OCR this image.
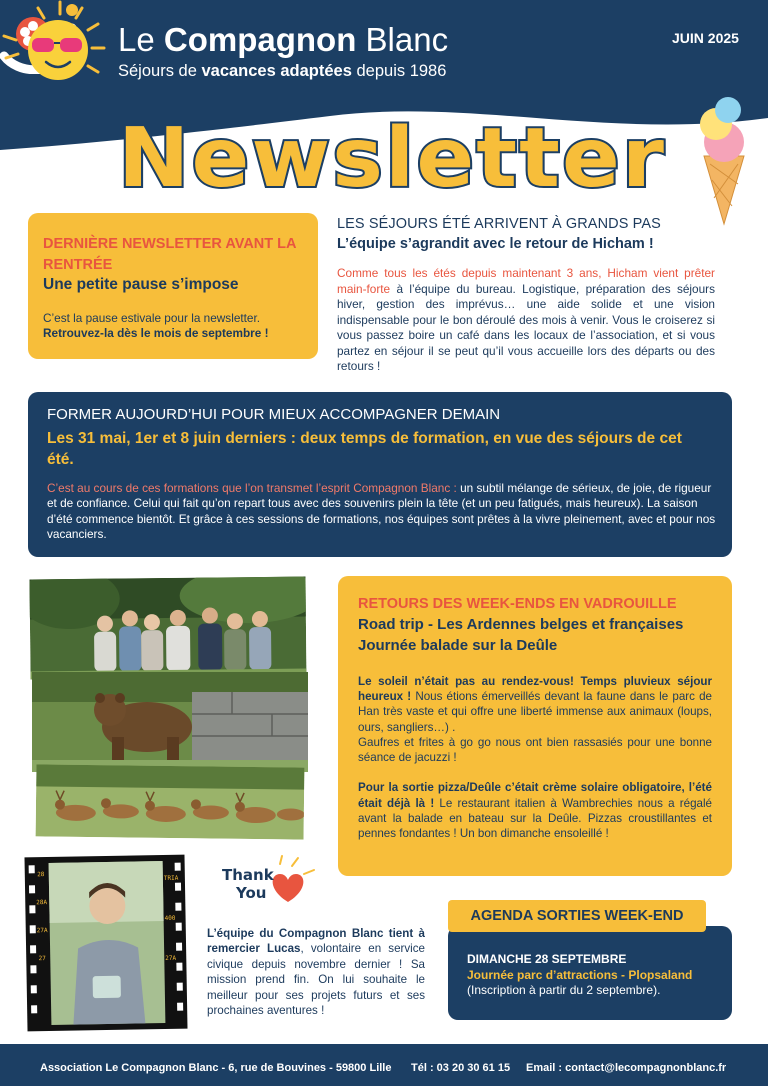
Le Compagnon Blanc
Séjours de vacances adaptées depuis 1986
JUIN 2025
Newsletter
DERNIÈRE NEWSLETTER AVANT LA RENTRÉE
Une petite pause s’impose
C’est la pause estivale pour la newsletter.
Retrouvez-la dès le mois de septembre !
LES SÉJOURS ÉTÉ ARRIVENT À GRANDS PAS
L’équipe s’agrandit avec le retour de Hicham !
Comme tous les étés depuis maintenant 3 ans, Hicham vient prêter main-forte à l’équipe du bureau. Logistique, préparation des séjours hiver, gestion des imprévus… une aide solide et une vision indispensable pour le bon déroulé des mois à venir. Vous le croiserez si vous passez boire un café dans les locaux de l’association, et si vous partez en séjour il se peut qu’il vous accueille lors des départs ou des retours !
FORMER AUJOURD’HUI POUR MIEUX ACCOMPAGNER DEMAIN
Les 31 mai, 1er et 8 juin derniers : deux temps de formation, en vue des séjours de cet été.
C’est au cours de ces formations que l’on transmet l’esprit Compagnon Blanc : un subtil mélange de sérieux, de joie, de rigueur et de confiance. Celui qui fait qu’on repart tous avec des souvenirs plein la tête (et un peu fatigués, mais heureux). La saison d’été commence bientôt. Et grâce à ces sessions de formations, nos équipes sont prêtes à la vivre pleinement, avec et pour nos vacanciers.
RETOURS DES WEEK-ENDS EN VADROUILLE
Road trip - Les Ardennes belges et françaises
Journée balade sur la Deûle
Le soleil n’était pas au rendez-vous! Temps pluvieux séjour heureux ! Nous étions émerveillés devant la faune dans le parc de Han très vaste et qui offre une liberté immense aux animaux (loups, ours, sangliers…) .
Gaufres et frites à go go nous ont bien rassasiés pour une bonne séance de jacuzzi !

Pour la sortie pizza/Deûle c’était crème solaire obligatoire, l’été était déjà là ! Le restaurant italien à Wambrechies nous a régalé avant la balade en bateau sur la Deûle. Pizzas croustillantes et pennes fondantes ! Un bon dimanche ensoleillé !
28
28A
27A
27
TRIA 400
27A
Thank
You
L’équipe du Compagnon Blanc tient à remercier Lucas, volontaire en service civique depuis novembre dernier ! Sa mission prend fin. On lui souhaite le meilleur pour ses projets futurs et ses prochaines aventures !
AGENDA SORTIES WEEK-END
DIMANCHE 28 SEPTEMBRE
Journée parc d’attractions - Plopsaland
(Inscription à partir du 2 septembre).
Association Le Compagnon Blanc - 6, rue de Bouvines - 59800 Lille Tél : 03 20 30 61 15 Email : contact@lecompagnonblanc.fr
